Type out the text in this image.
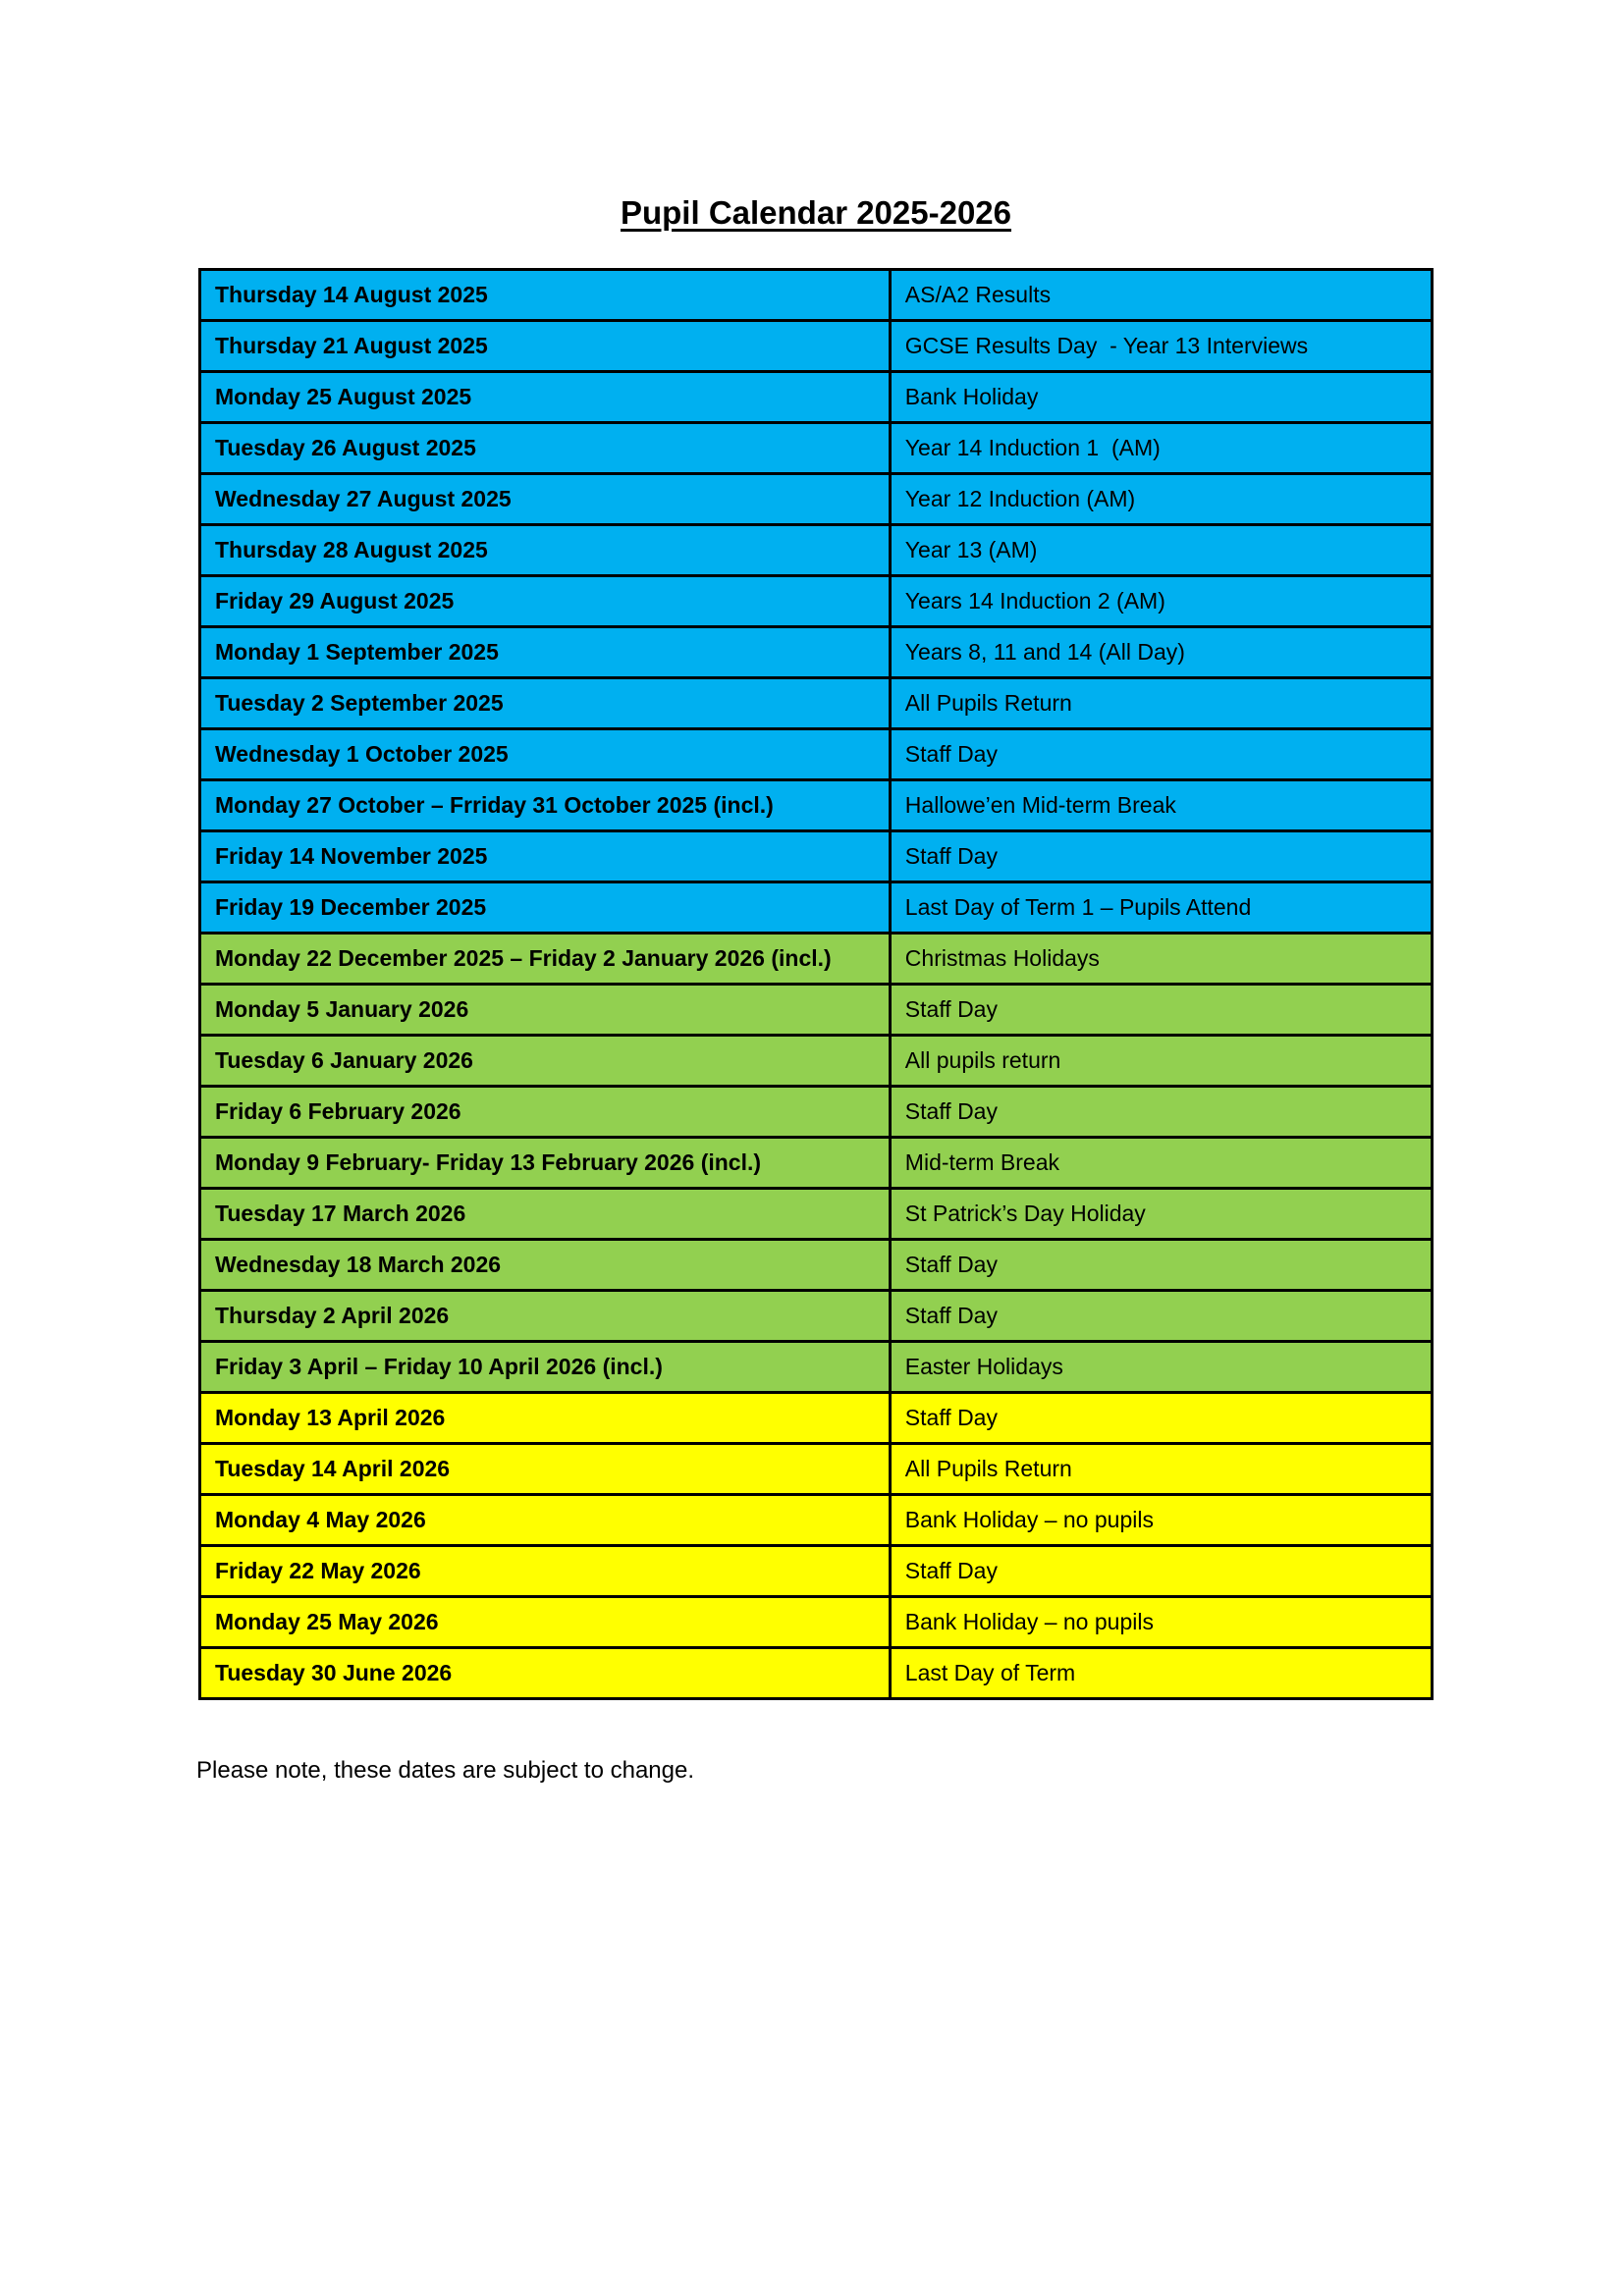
Pupil Calendar 2025-2026
Thursday 14 August 2025	AS/A2 Results
Thursday 21 August 2025	GCSE Results Day  - Year 13 Interviews
Monday 25 August 2025	Bank Holiday
Tuesday 26 August 2025	Year 14 Induction 1  (AM)
Wednesday 27 August 2025	Year 12 Induction (AM)
Thursday 28 August 2025	Year 13 (AM)
Friday 29 August 2025	Years 14 Induction 2 (AM)
Monday 1 September 2025	Years 8, 11 and 14 (All Day)
Tuesday 2 September 2025	All Pupils Return
Wednesday 1 October 2025	Staff Day
Monday 27 October – Frriday 31 October 2025 (incl.)	Hallowe’en Mid-term Break
Friday 14 November 2025	Staff Day
Friday 19 December 2025	Last Day of Term 1 – Pupils Attend
Monday 22 December 2025 – Friday 2 January 2026 (incl.)	Christmas Holidays
Monday 5 January 2026	Staff Day
Tuesday 6 January 2026	All pupils return
Friday 6 February 2026	Staff Day
Monday 9 February- Friday 13 February 2026 (incl.)	Mid-term Break
Tuesday 17 March 2026	St Patrick’s Day Holiday
Wednesday 18 March 2026	Staff Day
Thursday 2 April 2026	Staff Day
Friday 3 April – Friday 10 April 2026 (incl.)	Easter Holidays
Monday 13 April 2026	Staff Day
Tuesday 14 April 2026	All Pupils Return
Monday 4 May 2026	Bank Holiday – no pupils
Friday 22 May 2026	Staff Day
Monday 25 May 2026	Bank Holiday – no pupils
Tuesday 30 June 2026	Last Day of Term
Please note, these dates are subject to change.
